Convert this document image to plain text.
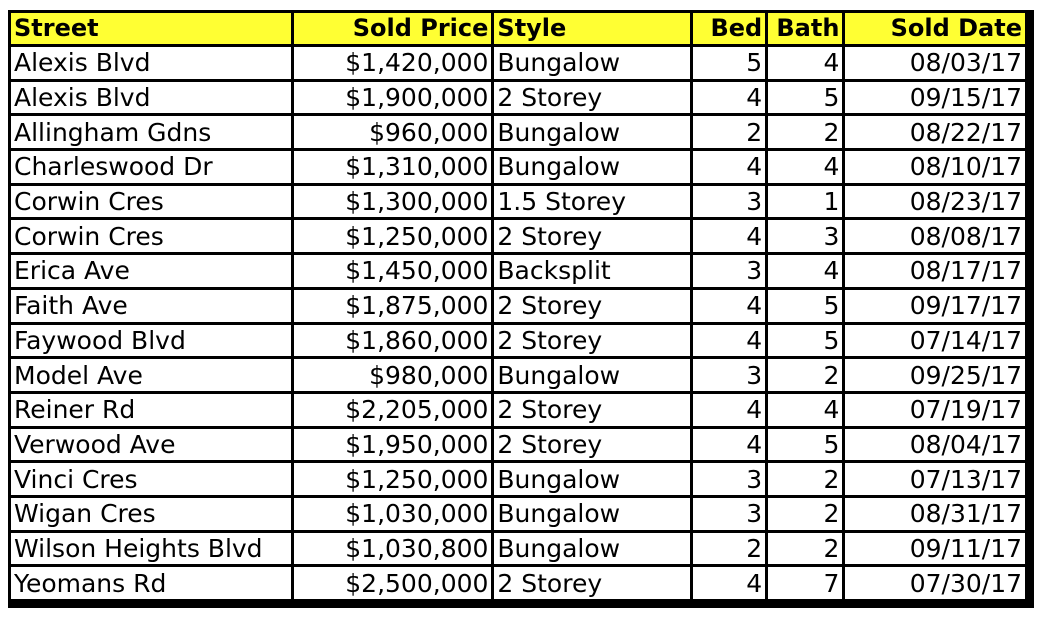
Street	Sold Price	Style	Bed	Bath	Sold Date
Alexis Blvd	$1,420,000	Bungalow	5	4	08/03/17
Alexis Blvd	$1,900,000	2 Storey	4	5	09/15/17
Allingham Gdns	$960,000	Bungalow	2	2	08/22/17
Charleswood Dr	$1,310,000	Bungalow	4	4	08/10/17
Corwin Cres	$1,300,000	1.5 Storey	3	1	08/23/17
Corwin Cres	$1,250,000	2 Storey	4	3	08/08/17
Erica Ave	$1,450,000	Backsplit	3	4	08/17/17
Faith Ave	$1,875,000	2 Storey	4	5	09/17/17
Faywood Blvd	$1,860,000	2 Storey	4	5	07/14/17
Model Ave	$980,000	Bungalow	3	2	09/25/17
Reiner Rd	$2,205,000	2 Storey	4	4	07/19/17
Verwood Ave	$1,950,000	2 Storey	4	5	08/04/17
Vinci Cres	$1,250,000	Bungalow	3	2	07/13/17
Wigan Cres	$1,030,000	Bungalow	3	2	08/31/17
Wilson Heights Blvd	$1,030,800	Bungalow	2	2	09/11/17
Yeomans Rd	$2,500,000	2 Storey	4	7	07/30/17
